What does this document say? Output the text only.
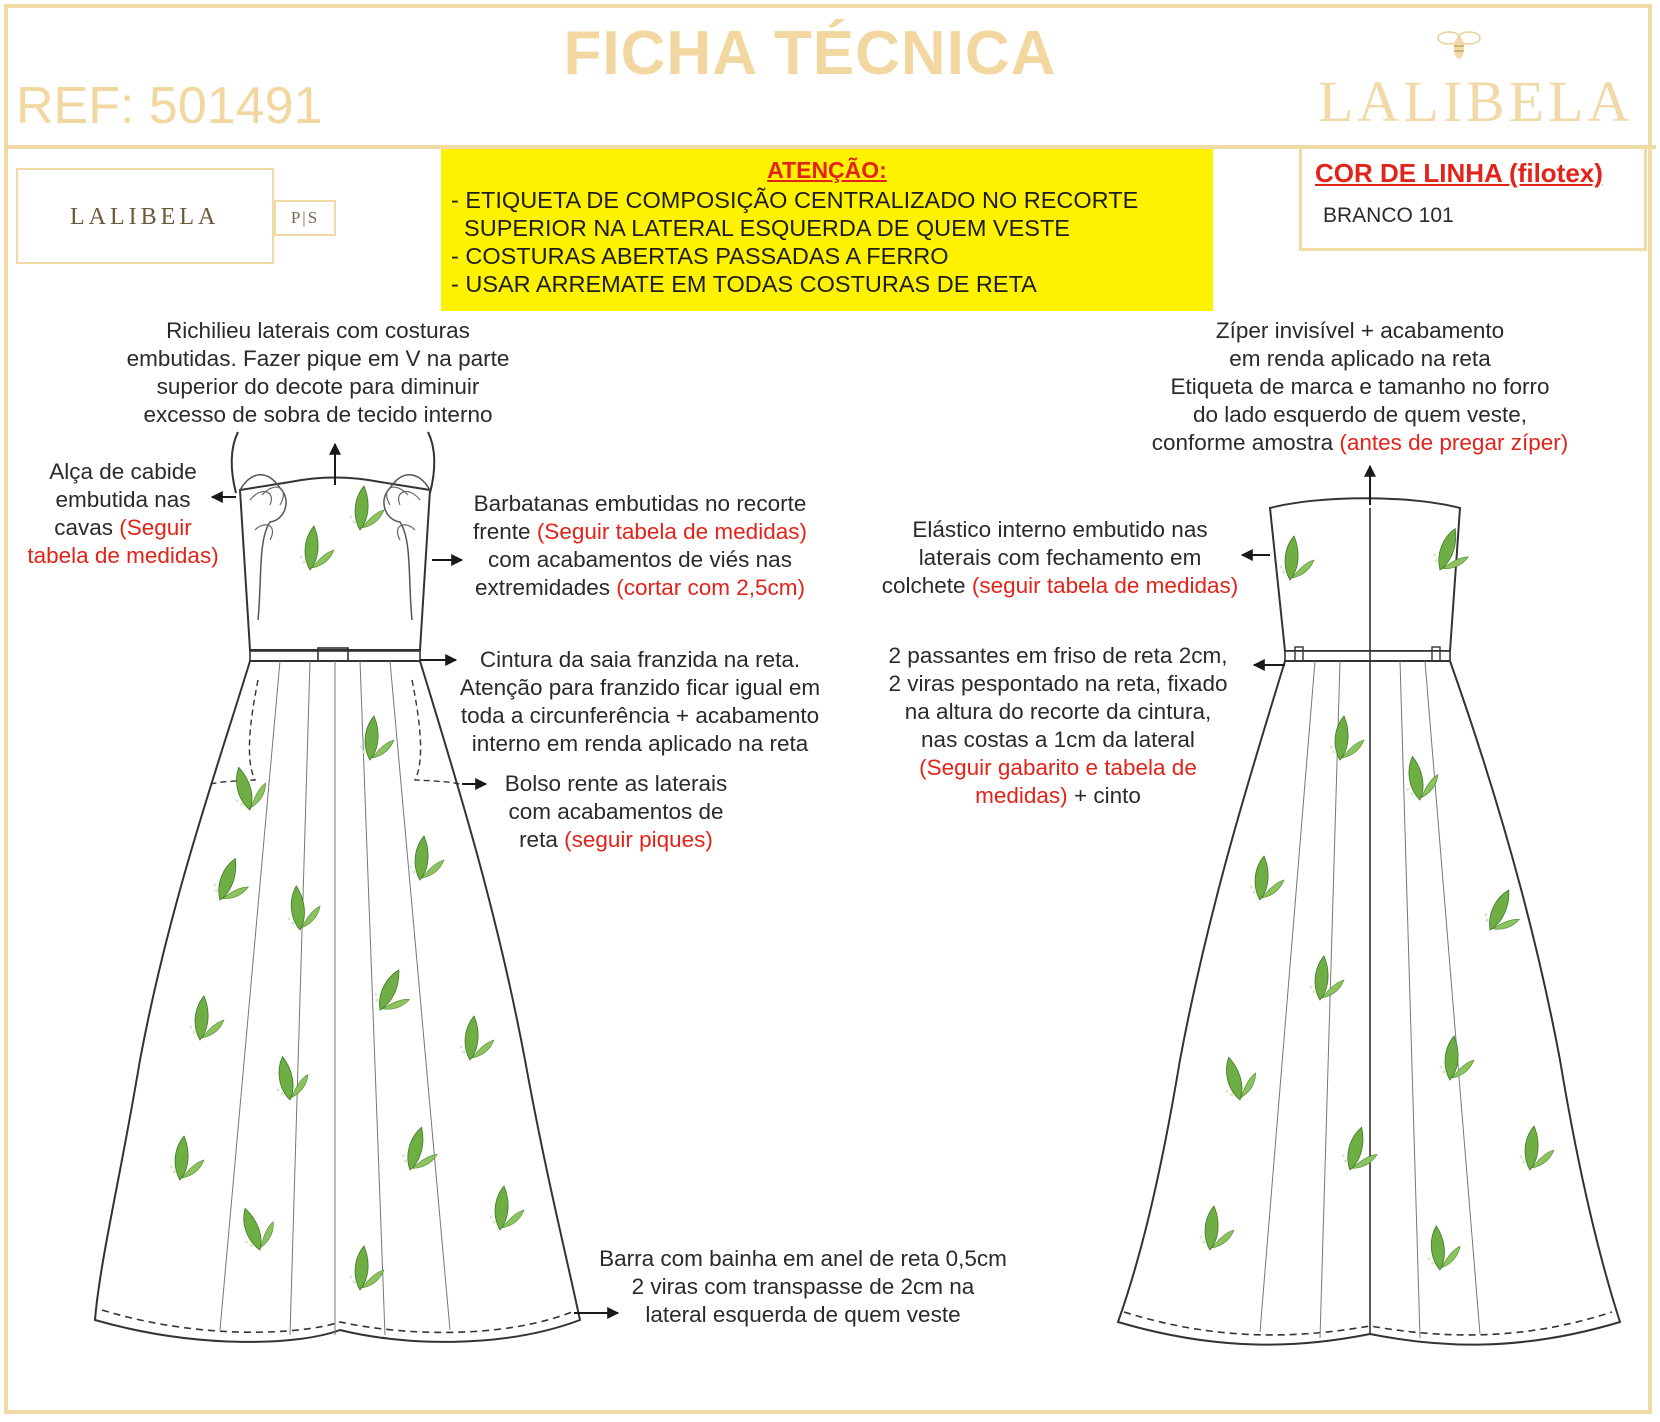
FICHA TÉCNICA
REF: 501491	LALIBELA
LALIBELA	P|S
ATENÇÃO:
- ETIQUETA DE COMPOSIÇÃO CENTRALIZADO NO RECORTE
SUPERIOR NA LATERAL ESQUERDA DE QUEM VESTE
- COSTURAS ABERTAS PASSADAS A FERRO
- USAR ARREMATE EM TODAS COSTURAS DE RETA
COR DE LINHA (filotex)
BRANCO 101
Richilieu laterais com costuras
embutidas. Fazer pique em V na parte
superior do decote para diminuir
excesso de sobra de tecido interno
Alça de cabide
embutida nas
cavas (Seguir
tabela de medidas)
Barbatanas embutidas no recorte
frente (Seguir tabela de medidas)
com acabamentos de viés nas
extremidades (cortar com 2,5cm)
Cintura da saia franzida na reta.
Atenção para franzido ficar igual em
toda a circunferência + acabamento
interno em renda aplicado na reta
Bolso rente as laterais
com acabamentos de
reta (seguir piques)
Barra com bainha em anel de reta 0,5cm
2 viras com transpasse de 2cm na
lateral esquerda de quem veste
Zíper invisível + acabamento
em renda aplicado na reta
Etiqueta de marca e tamanho no forro
do lado esquerdo de quem veste,
conforme amostra (antes de pregar zíper)
Elástico interno embutido nas
laterais com fechamento em
colchete (seguir tabela de medidas)
2 passantes em friso de reta 2cm,
2 viras pespontado na reta, fixado
na altura do recorte da cintura,
nas costas a 1cm da lateral
(Seguir gabarito e tabela de
medidas) + cinto
